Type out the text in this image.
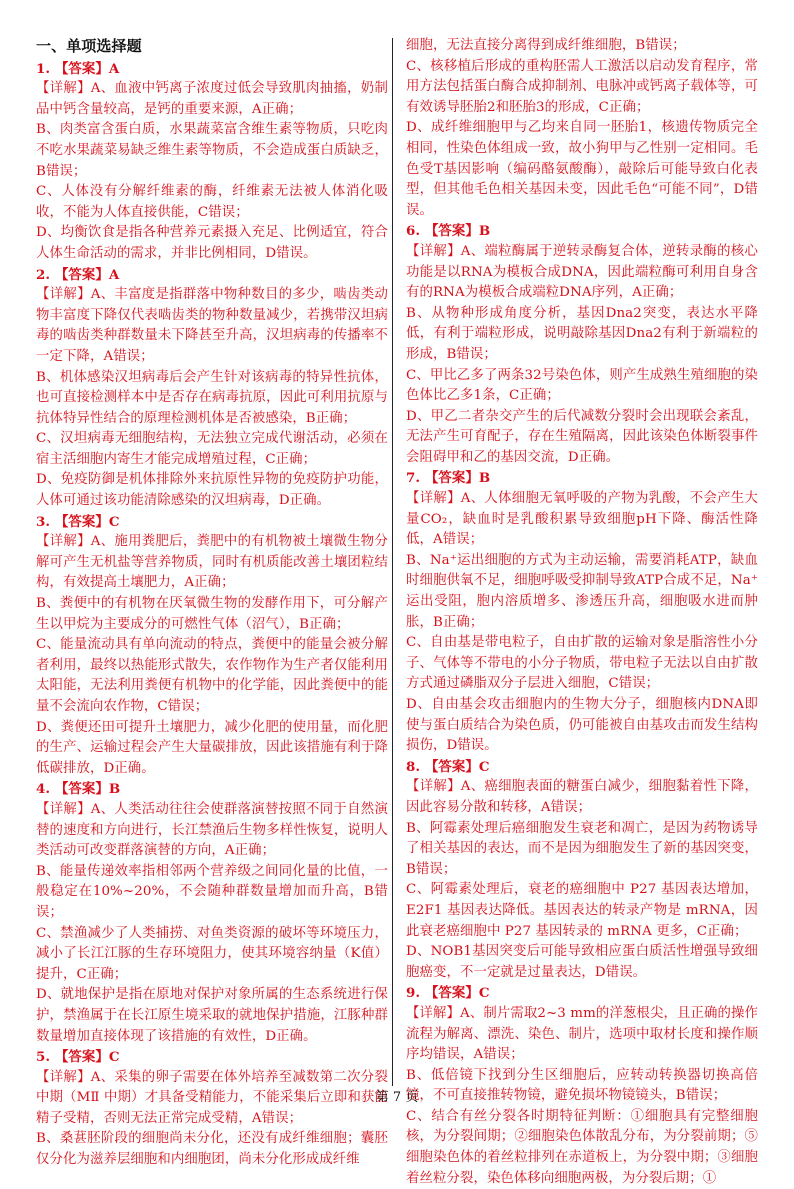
一、单项选择题

1. 【答案】A

【详解】A、血液中钙离子浓度过低会导致肌肉抽搐，奶制品中钙含量较高，是钙的重要来源，A正确；

B、肉类富含蛋白质，水果蔬菜富含维生素等物质，只吃肉不吃水果蔬菜易缺乏维生素等物质，不会造成蛋白质缺乏，B错误；

C、人体没有分解纤维素的酶，纤维素无法被人体消化吸收，不能为人体直接供能，C错误；

D、均衡饮食是指各种营养元素摄入充足、比例适宜，符合人体生命活动的需求，并非比例相同，D错误。

2. 【答案】A

【详解】A、丰富度是指群落中物种数目的多少，啮齿类动物丰富度下降仅代表啮齿类的物种数量减少，若携带汉坦病毒的啮齿类种群数量未下降甚至升高，汉坦病毒的传播率不一定下降，A错误；

B、机体感染汉坦病毒后会产生针对该病毒的特异性抗体，也可直接检测样本中是否存在病毒抗原，因此可利用抗原与抗体特异性结合的原理检测机体是否被感染，B正确；

C、汉坦病毒无细胞结构，无法独立完成代谢活动，必须在宿主活细胞内寄生才能完成增殖过程，C正确；

D、免疫防御是机体排除外来抗原性异物的免疫防护功能，人体可通过该功能清除感染的汉坦病毒，D正确。

3. 【答案】C

【详解】A、施用粪肥后，粪肥中的有机物被土壤微生物分解可产生无机盐等营养物质，同时有机质能改善土壤团粒结构，有效提高土壤肥力，A正确；

B、粪便中的有机物在厌氧微生物的发酵作用下，可分解产生以甲烷为主要成分的可燃性气体（沼气），B正确；

C、能量流动具有单向流动的特点，粪便中的能量会被分解者利用，最终以热能形式散失，农作物作为生产者仅能利用太阳能，无法利用粪便有机物中的化学能，因此粪便中的能量不会流向农作物，C错误；

D、粪便还田可提升土壤肥力，减少化肥的使用量，而化肥的生产、运输过程会产生大量碳排放，因此该措施有利于降低碳排放，D正确。

4. 【答案】B

【详解】A、人类活动往往会使群落演替按照不同于自然演替的速度和方向进行，长江禁渔后生物多样性恢复，说明人类活动可改变群落演替的方向，A正确；

B、能量传递效率指相邻两个营养级之间同化量的比值，一般稳定在10%~20%，不会随种群数量增加而升高，B错误；

C、禁渔减少了人类捕捞、对鱼类资源的破坏等环境压力，减小了长江江豚的生存环境阻力，使其环境容纳量（K值）提升，C正确；

D、就地保护是指在原地对保护对象所属的生态系统进行保护，禁渔属于在长江原生境采取的就地保护措施，江豚种群数量增加直接体现了该措施的有效性，D正确。

5. 【答案】C

【详解】A、采集的卵子需要在体外培养至减数第二次分裂中期（MⅡ 中期）才具备受精能力，不能采集后立即和获能精子受精，否则无法正常完成受精，A错误；

B、桑葚胚阶段的细胞尚未分化，还没有成纤维细胞；囊胚仅分化为滋养层细胞和内细胞团，尚未分化形成成纤维

细胞，无法直接分离得到成纤维细胞，B错误；

C、核移植后形成的重构胚需人工激活以启动发育程序，常用方法包括蛋白酶合成抑制剂、电脉冲或钙离子载体等，可有效诱导胚胎2和胚胎3的形成，C正确；

D、成纤维细胞甲与乙均来自同一胚胎1，核遗传物质完全相同，性染色体组成一致，故小狗甲与乙性别一定相同。毛色受T基因影响（编码酪氨酸酶），敲除后可能导致白化表型，但其他毛色相关基因未变，因此毛色“可能不同”，D错误。

6. 【答案】B

【详解】A、端粒酶属于逆转录酶复合体，逆转录酶的核心功能是以RNA为模板合成DNA，因此端粒酶可利用自身含有的RNA为模板合成端粒DNA序列，A正确；

B、从物种形成角度分析，基因Dna2突变，表达水平降低，有利于端粒形成，说明敲除基因Dna2有利于新端粒的形成，B错误；

C、甲比乙多了两条32号染色体，则产生成熟生殖细胞的染色体比乙多1条，C正确；

D、甲乙二者杂交产生的后代减数分裂时会出现联会紊乱，无法产生可育配子，存在生殖隔离，因此该染色体断裂事件会阻碍甲和乙的基因交流，D正确。

7. 【答案】B

【详解】A、人体细胞无氧呼吸的产物为乳酸，不会产生大量CO₂，缺血时是乳酸积累导致细胞pH下降、酶活性降低，A错误；

B、Na⁺运出细胞的方式为主动运输，需要消耗ATP，缺血时细胞供氧不足，细胞呼吸受抑制导致ATP合成不足，Na⁺运出受阻，胞内溶质增多、渗透压升高，细胞吸水进而肿胀，B正确；

C、自由基是带电粒子，自由扩散的运输对象是脂溶性小分子、气体等不带电的小分子物质，带电粒子无法以自由扩散方式通过磷脂双分子层进入细胞，C错误；

D、自由基会攻击细胞内的生物大分子，细胞核内DNA即使与蛋白质结合为染色质，仍可能被自由基攻击而发生结构损伤，D错误。

8. 【答案】C

【详解】A、癌细胞表面的糖蛋白减少，细胞黏着性下降，因此容易分散和转移，A错误；

B、阿霉素处理后癌细胞发生衰老和凋亡，是因为药物诱导了相关基因的表达，而不是因为细胞发生了新的基因突变，B错误；

C、阿霉素处理后，衰老的癌细胞中 P27 基因表达增加，E2F1 基因表达降低。基因表达的转录产物是 mRNA，因此衰老癌细胞中 P27 基因转录的 mRNA 更多，C正确；

D、NOB1基因突变后可能导致相应蛋白质活性增强导致细胞癌变，不一定就是过量表达，D错误。

9. 【答案】C

【详解】A、制片需取2~3 mm的洋葱根尖，且正确的操作流程为解离、漂洗、染色、制片，选项中取材长度和操作顺序均错误，A错误；

B、低倍镜下找到分生区细胞后，应转动转换器切换高倍镜，不可直接推转物镜，避免损坏物镜镜头，B错误；

C、结合有丝分裂各时期特征判断：①细胞具有完整细胞核，为分裂间期；②细胞染色体散乱分布，为分裂前期；⑤细胞染色体的着丝粒排列在赤道板上，为分裂中期；③细胞着丝粒分裂，染色体移向细胞两极，为分裂后期；①

第 7 页
